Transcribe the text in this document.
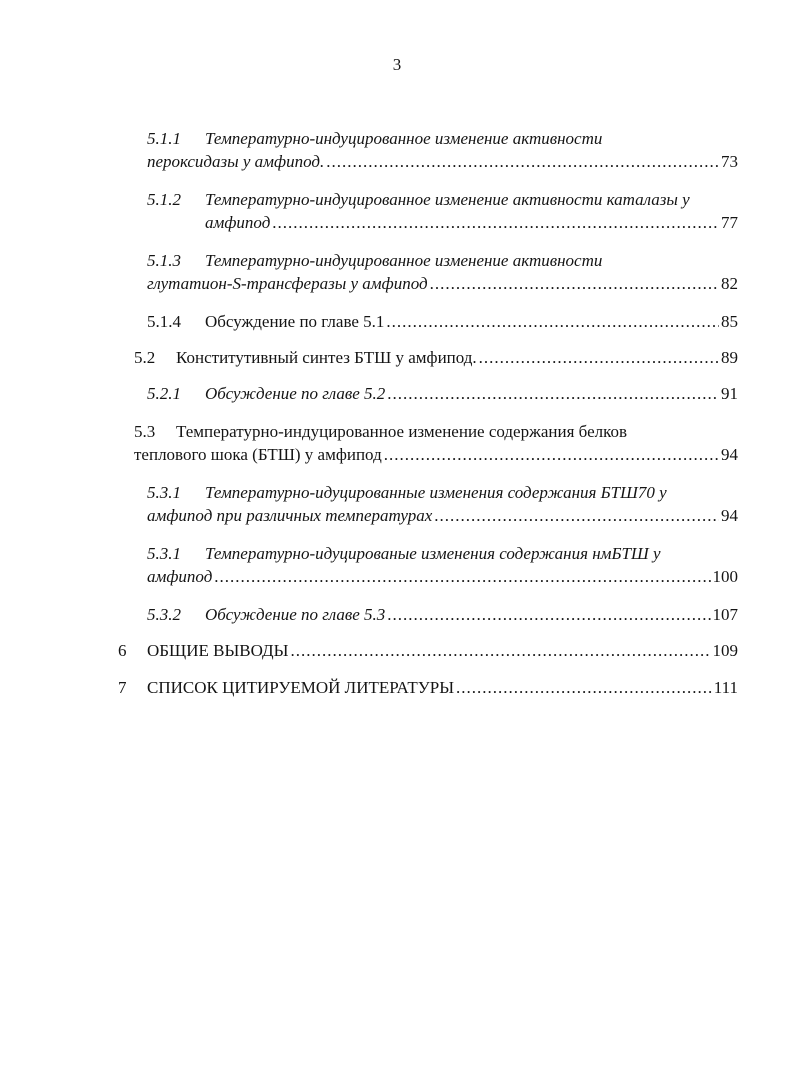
3
5.1.1 Температурно-индуцированное изменение активности
пероксидазы у амфипод. .....	73
5.1.2 Температурно-индуцированное изменение активности каталазы у
амфипод .....	77
5.1.3 Температурно-индуцированное изменение активности
глутатион-S-трансферазы у амфипод .....	82
5.1.4	Обсуждение по главе 5.1 .....	85
5.2	Конститутивный синтез БТШ у амфипод. .....	89
5.2.1	Обсуждение по главе 5.2 .....	91
5.3 Температурно-индуцированное изменение содержания белков
теплового шока (БТШ) у амфипод .....	94
5.3.1 Температурно-идуцированные изменения содержания БТШ70 у
амфипод при различных температурах .....	94
5.3.1 Температурно-идуцированые изменения содержания нмБТШ у
амфипод .....	100
5.3.2	Обсуждение по главе 5.3 .....	107
6	ОБЩИЕ ВЫВОДЫ .....	109
7	СПИСОК ЦИТИРУЕМОЙ ЛИТЕРАТУРЫ .....	111
